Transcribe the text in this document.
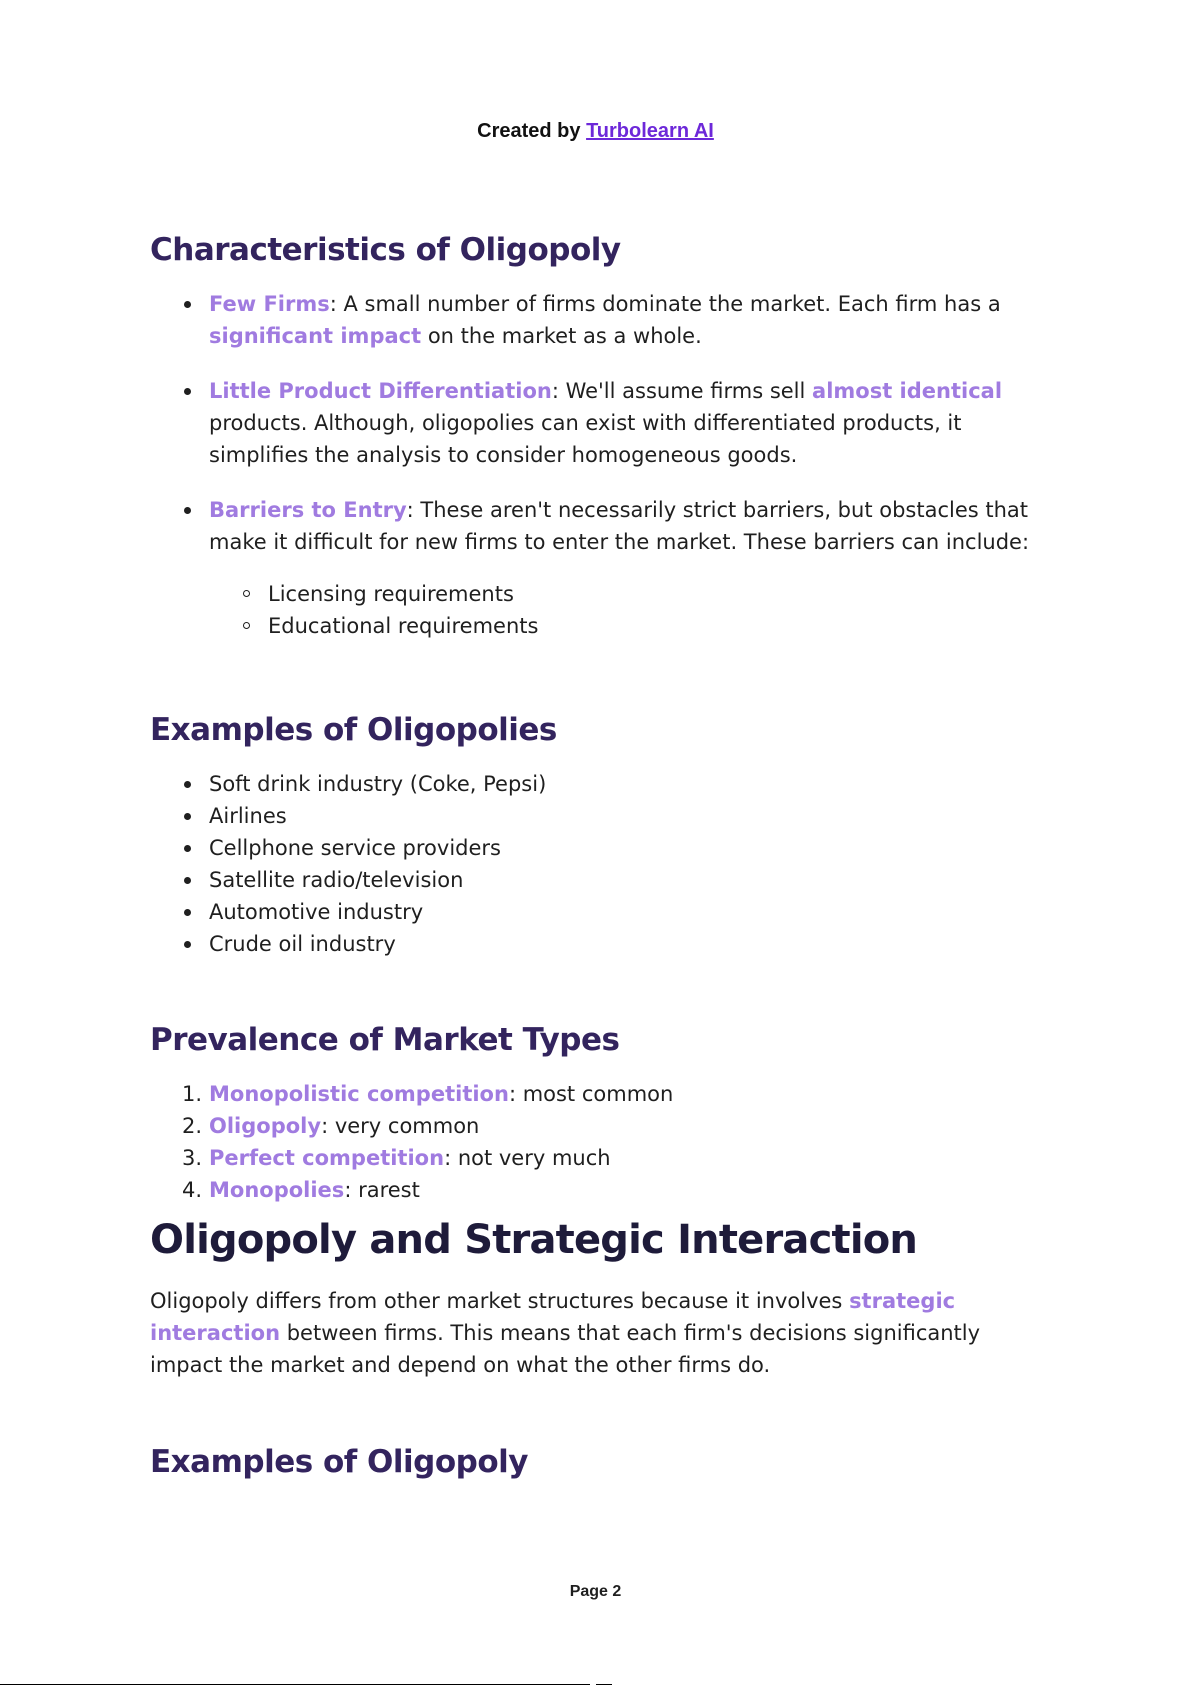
Created by Turbolearn AI
Characteristics of Oligopoly
Few Firms: A small number of firms dominate the market. Each firm has a significant impact on the market as a whole.
Little Product Differentiation: We'll assume firms sell almost identical products. Although, oligopolies can exist with differentiated products, it simplifies the analysis to consider homogeneous goods.
Barriers to Entry: These aren't necessarily strict barriers, but obstacles that make it difficult for new firms to enter the market. These barriers can include:
Licensing requirements
Educational requirements
Examples of Oligopolies
Soft drink industry (Coke, Pepsi)
Airlines
Cellphone service providers
Satellite radio/television
Automotive industry
Crude oil industry
Prevalence of Market Types
1. Monopolistic competition: most common
2. Oligopoly: very common
3. Perfect competition: not very much
4. Monopolies: rarest
Oligopoly and Strategic Interaction

Oligopoly differs from other market structures because it involves strategic interaction between firms. This means that each firm's decisions significantly impact the market and depend on what the other firms do.

Examples of Oligopoly
Page 2
